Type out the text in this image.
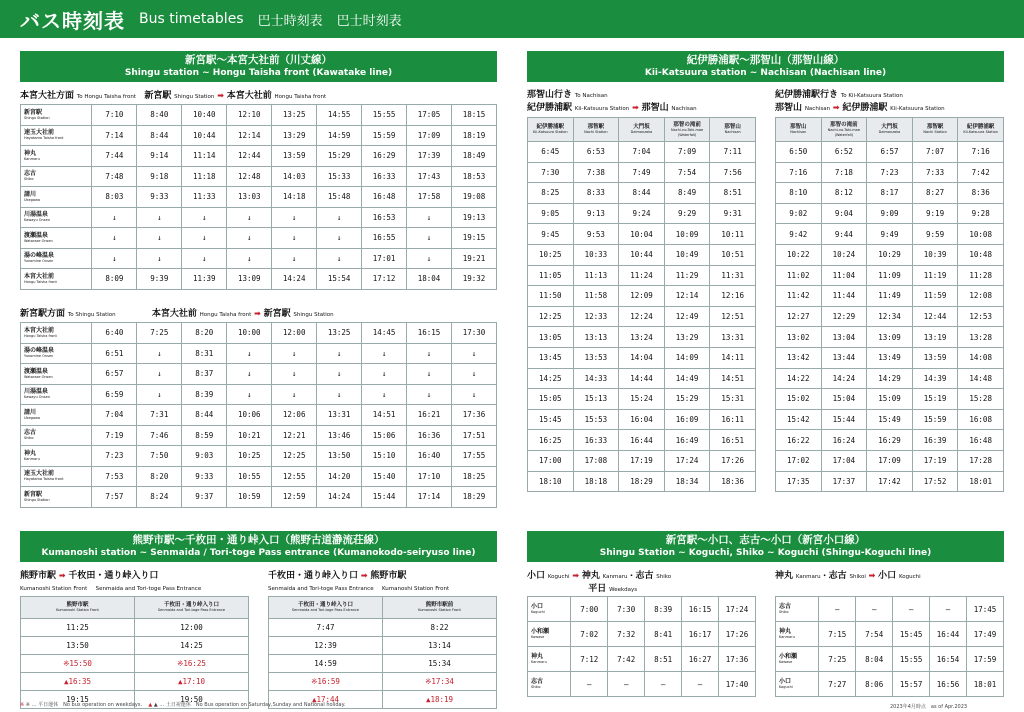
バス時刻表 Bus timetables 巴士時刻表 巴士时刻表
新宮駅〜本宮大社前（川丈線）
Shingu station ~ Hongu Taisha front (Kawatake line)
本宮大社方面 To Hongu Taisha front 新宮駅 Shingu Station ➡ 本宮大社前 Hongu Taisha front
新宮駅
Shingu Station	7:10	8:40	10:40	12:10	13:25	14:55	15:55	17:05	18:15
速玉大社前
Hayatama Taisha front	7:14	8:44	10:44	12:14	13:29	14:59	15:59	17:09	18:19
神丸
Kanmaru	7:44	9:14	11:14	12:44	13:59	15:29	16:29	17:39	18:49
志古
Shiko	7:48	9:18	11:18	12:48	14:03	15:33	16:33	17:43	18:53
請川
Ukegawa	8:03	9:33	11:33	13:03	14:18	15:48	16:48	17:58	19:08
川湯温泉
Kawayu Onsen	↓	↓	↓	↓	↓	↓	16:53	↓	19:13
渡瀬温泉
Wataraze Onsen	↓	↓	↓	↓	↓	↓	16:55	↓	19:15
湯の峰温泉
Yunomine Onsen	↓	↓	↓	↓	↓	↓	17:01	↓	19:21
本宮大社前
Hongu Taisha front	8:09	9:39	11:39	13:09	14:24	15:54	17:12	18:04	19:32
新宮駅方面 To Shingu Station	本宮大社前 Hongu Taisha front ➡ 新宮駅 Shingu Station
本宮大社前
Hongu Taisha front	6:40	7:25	8:20	10:00	12:00	13:25	14:45	16:15	17:30
湯の峰温泉
Yunomine Onsen	6:51	↓	8:31	↓	↓	↓	↓	↓	↓
渡瀬温泉
Wataraze Onsen	6:57	↓	8:37	↓	↓	↓	↓	↓	↓
川湯温泉
Kawayu Onsen	6:59	↓	8:39	↓	↓	↓	↓	↓	↓
請川
Ukegawa	7:04	7:31	8:44	10:06	12:06	13:31	14:51	16:21	17:36
志古
Shiko	7:19	7:46	8:59	10:21	12:21	13:46	15:06	16:36	17:51
神丸
Kanmaru	7:23	7:50	9:03	10:25	12:25	13:50	15:10	16:40	17:55
速玉大社前
Hayatama Taisha front	7:53	8:20	9:33	10:55	12:55	14:20	15:40	17:10	18:25
新宮駅
Shingu Station	7:57	8:24	9:37	10:59	12:59	14:24	15:44	17:14	18:29
紀伊勝浦駅〜那智山（那智山線）
Kii-Katsuura station ~ Nachisan (Nachisan line)
那智山行き To Nachisan
紀伊勝浦駅 Kii-Katsuura Station ➡ 那智山 Nachisan
紀伊勝浦駅行き To Kii-Katsuura Station
那智山 Nachisan ➡ 紀伊勝浦駅 Kii-Katsuura Station
紀伊勝浦駅
Kii-Katsuura Station	那智駅
Nachi Station	大門坂
Daimonzaka	那智の滝前
Nachi-no-Taki-mae (Waterfall)	那智山
Nachisan

6:45	6:53	7:04	7:09	7:11
7:30	7:38	7:49	7:54	7:56
8:25	8:33	8:44	8:49	8:51
9:05	9:13	9:24	9:29	9:31
9:45	9:53	10:04	10:09	10:11
10:25	10:33	10:44	10:49	10:51
11:05	11:13	11:24	11:29	11:31
11:50	11:58	12:09	12:14	12:16
12:25	12:33	12:24	12:49	12:51
13:05	13:13	13:24	13:29	13:31
13:45	13:53	14:04	14:09	14:11
14:25	14:33	14:44	14:49	14:51
15:05	15:13	15:24	15:29	15:31
15:45	15:53	16:04	16:09	16:11
16:25	16:33	16:44	16:49	16:51
17:00	17:08	17:19	17:24	17:26
18:10	18:18	18:29	18:34	18:36
那智山
Nachisan	那智の滝前
Nachi-no-Taki-mae (Waterfall)	大門坂
Daimonzaka	那智駅
Nachi Station	紀伊勝浦駅
Kii-Katsuura Station

6:50	6:52	6:57	7:07	7:16
7:16	7:18	7:23	7:33	7:42
8:10	8:12	8:17	8:27	8:36
9:02	9:04	9:09	9:19	9:28
9:42	9:44	9:49	9:59	10:08
10:22	10:24	10:29	10:39	10:48
11:02	11:04	11:09	11:19	11:28
11:42	11:44	11:49	11:59	12:08
12:27	12:29	12:34	12:44	12:53
13:02	13:04	13:09	13:19	13:28
13:42	13:44	13:49	13:59	14:08
14:22	14:24	14:29	14:39	14:48
15:02	15:04	15:09	15:19	15:28
15:42	15:44	15:49	15:59	16:08
16:22	16:24	16:29	16:39	16:48
17:02	17:04	17:09	17:19	17:28
17:35	17:37	17:42	17:52	18:01
熊野市駅〜千枚田・通り峠入口（熊野古道瀞流荘線）
Kumanoshi station ~ Senmaida / Tori-toge Pass entrance (Kumanokodo-seiryuso line)
熊野市駅 ➡ 千枚田・通り峠入り口
Kumanoshi Station Front Senmaida and Tori-toge Pass Entrance
千枚田・通り峠入り口 ➡ 熊野市駅
Senmaida and Tori-toge Pass Entrance Kumanoshi Station Front
熊野市駅
Kumanoshi Station Front	千枚田・通り峠入り口
Senmaida and Tori-toge Pass Entrance

11:25	12:00
13:50	14:25
※15:50	※16:25
▲16:35	▲17:10
19:15	19:50
千枚田・通り峠入り口
Senmaida and Tori-toge Pass Entrance	熊野市駅前
Kumanoshi Station Front

7:47	8:22
12:39	13:14
14:59	15:34
※16:59	※17:34
▲17:44	▲18:19
※ ※ … 平日運休　No bus operation on weekdays. ▲ ▲ … 土日祝運休　No Bus operation on Saturday,Sunday and National holiday.
新宮駅〜小口、志古〜小口（新宮小口線）
Shingu Station ~ Koguchi, Shiko ~ Koguchi (Shingu-Koguchi line)
小口 Koguchi ➡ 神丸 Kanmaru・志古 Shiko
平日 Weekdays
神丸 Kanmaru・志古 Shikoi ➡ 小口 Koguchi
小口
Koguchi	7:00	7:30	8:39	16:15	17:24
小和瀬
Kowase	7:02	7:32	8:41	16:17	17:26
神丸
Kanmaru	7:12	7:42	8:51	16:27	17:36
志古
Shiko	—	—	—	—	17:40
志古
Shiko	—	—	—	—	17:45
神丸
Kanmaru	7:15	7:54	15:45	16:44	17:49
小和瀬
Kowase	7:25	8:04	15:55	16:54	17:59
小口
Koguchi	7:27	8:06	15:57	16:56	18:01
2023年4月時点　as of Apr.2023
